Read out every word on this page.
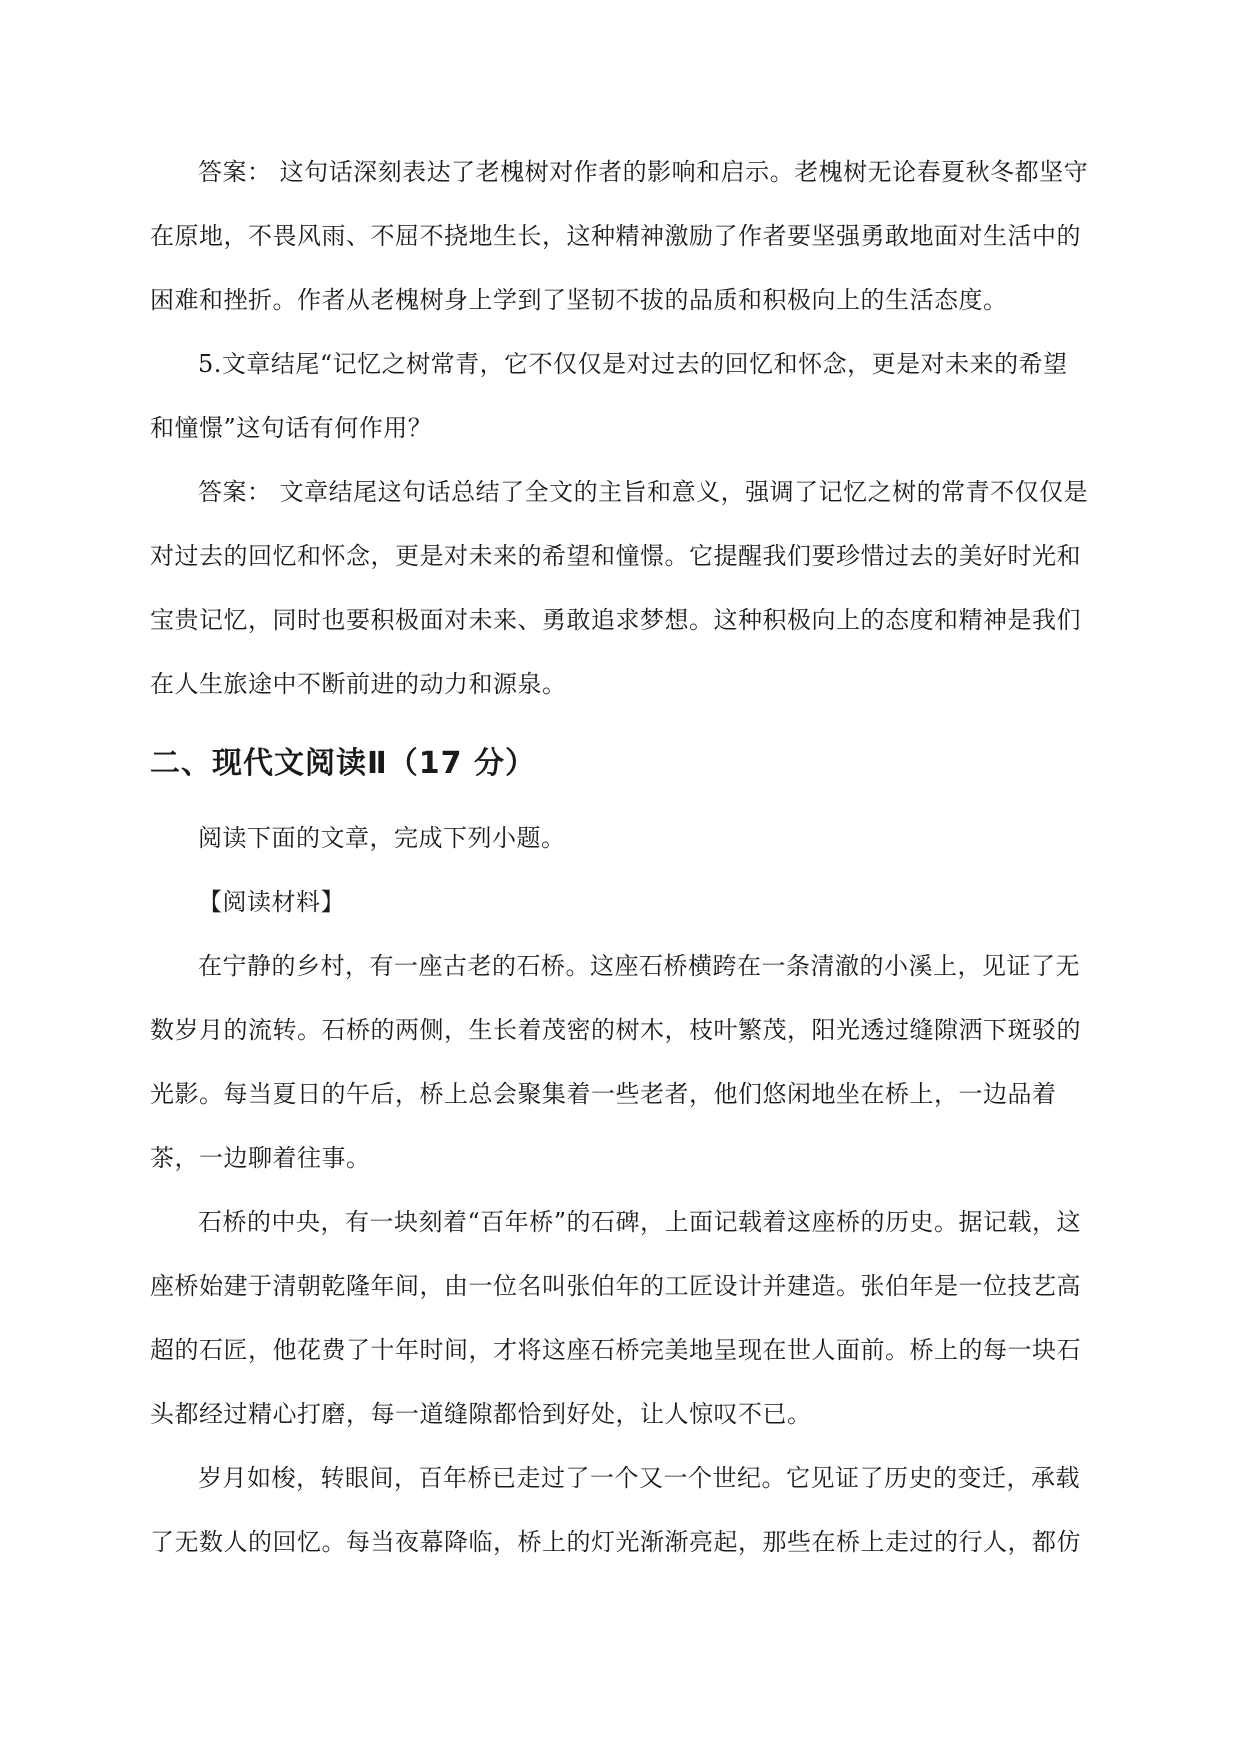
答案： 这句话深刻表达了老槐树对作者的影响和启示。老槐树无论春夏秋冬都坚守在原地，不畏风雨、不屈不挠地生长，这种精神激励了作者要坚强勇敢地面对生活中的困难和挫折。作者从老槐树身上学到了坚韧不拔的品质和积极向上的生活态度。

5.文章结尾“记忆之树常青，它不仅仅是对过去的回忆和怀念，更是对未来的希望和憧憬”这句话有何作用？

答案： 文章结尾这句话总结了全文的主旨和意义，强调了记忆之树的常青不仅仅是对过去的回忆和怀念，更是对未来的希望和憧憬。它提醒我们要珍惜过去的美好时光和宝贵记忆，同时也要积极面对未来、勇敢追求梦想。这种积极向上的态度和精神是我们在人生旅途中不断前进的动力和源泉。

二、现代文阅读Ⅱ（17 分）

阅读下面的文章，完成下列小题。

【阅读材料】

在宁静的乡村，有一座古老的石桥。这座石桥横跨在一条清澈的小溪上，见证了无数岁月的流转。石桥的两侧，生长着茂密的树木，枝叶繁茂，阳光透过缝隙洒下斑驳的光影。每当夏日的午后，桥上总会聚集着一些老者，他们悠闲地坐在桥上，一边品着茶，一边聊着往事。

石桥的中央，有一块刻着“百年桥”的石碑，上面记载着这座桥的历史。据记载，这座桥始建于清朝乾隆年间，由一位名叫张伯年的工匠设计并建造。张伯年是一位技艺高超的石匠，他花费了十年时间，才将这座石桥完美地呈现在世人面前。桥上的每一块石头都经过精心打磨，每一道缝隙都恰到好处，让人惊叹不已。

岁月如梭，转眼间，百年桥已走过了一个又一个世纪。它见证了历史的变迁，承载了无数人的回忆。每当夜幕降临，桥上的灯光渐渐亮起，那些在桥上走过的行人，都仿
